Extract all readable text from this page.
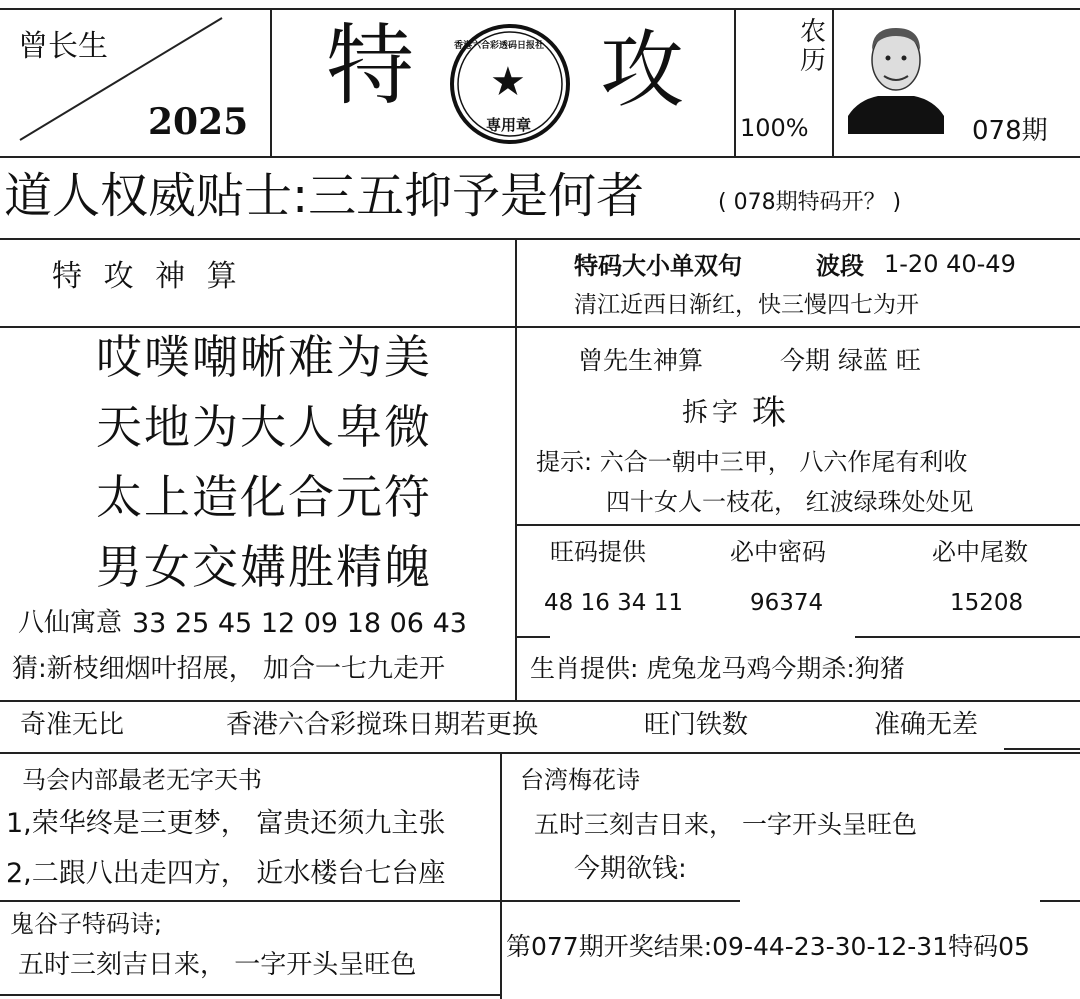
曾长生
2025
特 攻
★
香港六合彩透码日报社
専用章
农历
100%	078期
道人权威贴士:三五抑予是何者	( 078期特码开？ )
特 攻 神 算
哎噗嘲晰难为美
天地为大人卑微
太上造化合元符
男女交媾胜精魄
八仙寓意 33 25 45 12 09 18 06 43
猜:新枝细烟叶招展， 加合一七九走开
特码大小单双句	波段 1-20 40-49
清江近西日渐红，快三慢四七为开
曾先生神算	今期 绿蓝 旺
拆字 珠
提示: 六合一朝中三甲， 八六作尾有利收
四十女人一枝花， 红波绿珠处处见
旺码提供	必中密码	必中尾数
48 16 34 11	96374	15208
生肖提供: 虎兔龙马鸡今期杀:狗猪
奇准无比	香港六合彩搅珠日期若更换	旺门铁数	准确无差
马会内部最老无字天书
1,荣华终是三更梦， 富贵还须九主张
2,二跟八出走四方， 近水楼台七台座
鬼谷子特码诗;
五时三刻吉日来， 一字开头呈旺色
台湾梅花诗
五时三刻吉日来， 一字开头呈旺色
今期欲钱:
第077期开奖结果:09-44-23-30-12-31特码05
